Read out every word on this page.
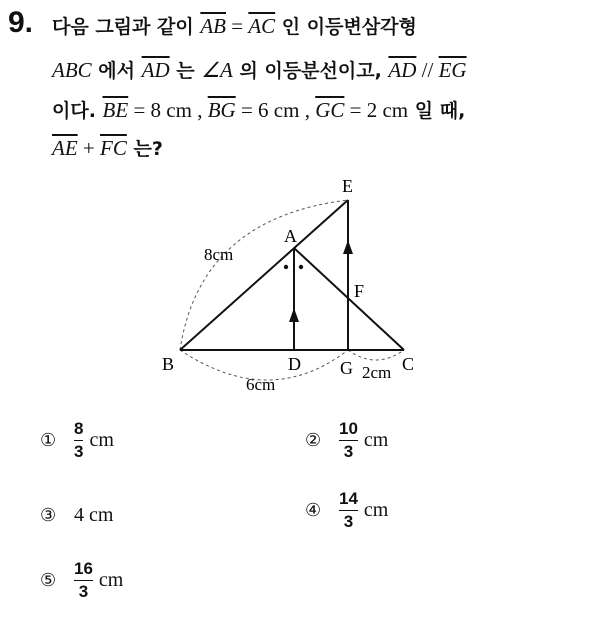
9. 다음 그림과 같이 $\overline{AB} = \overline{AC}$ 인 이등변삼각형
ABC 에서 $\overline{AD}$ 는 ∠A 의 이등분선이고, $\overline{AD} // \overline{EG}$
이다. $\overline{BE} = 8$ cm , $\overline{BG} = 6$ cm , $\overline{GC} = 2$ cm 일 때,
$\overline{AE} + \overline{FC}$ 는?
E
A
F
B	D G	C
8cm
6cm
2cm
①	$\frac{8}{3}$ cm	②	$\frac{10}{3}$ cm
③ 4 cm	④	$\frac{14}{3}$ cm
⑤	$\frac{16}{3}$ cm
